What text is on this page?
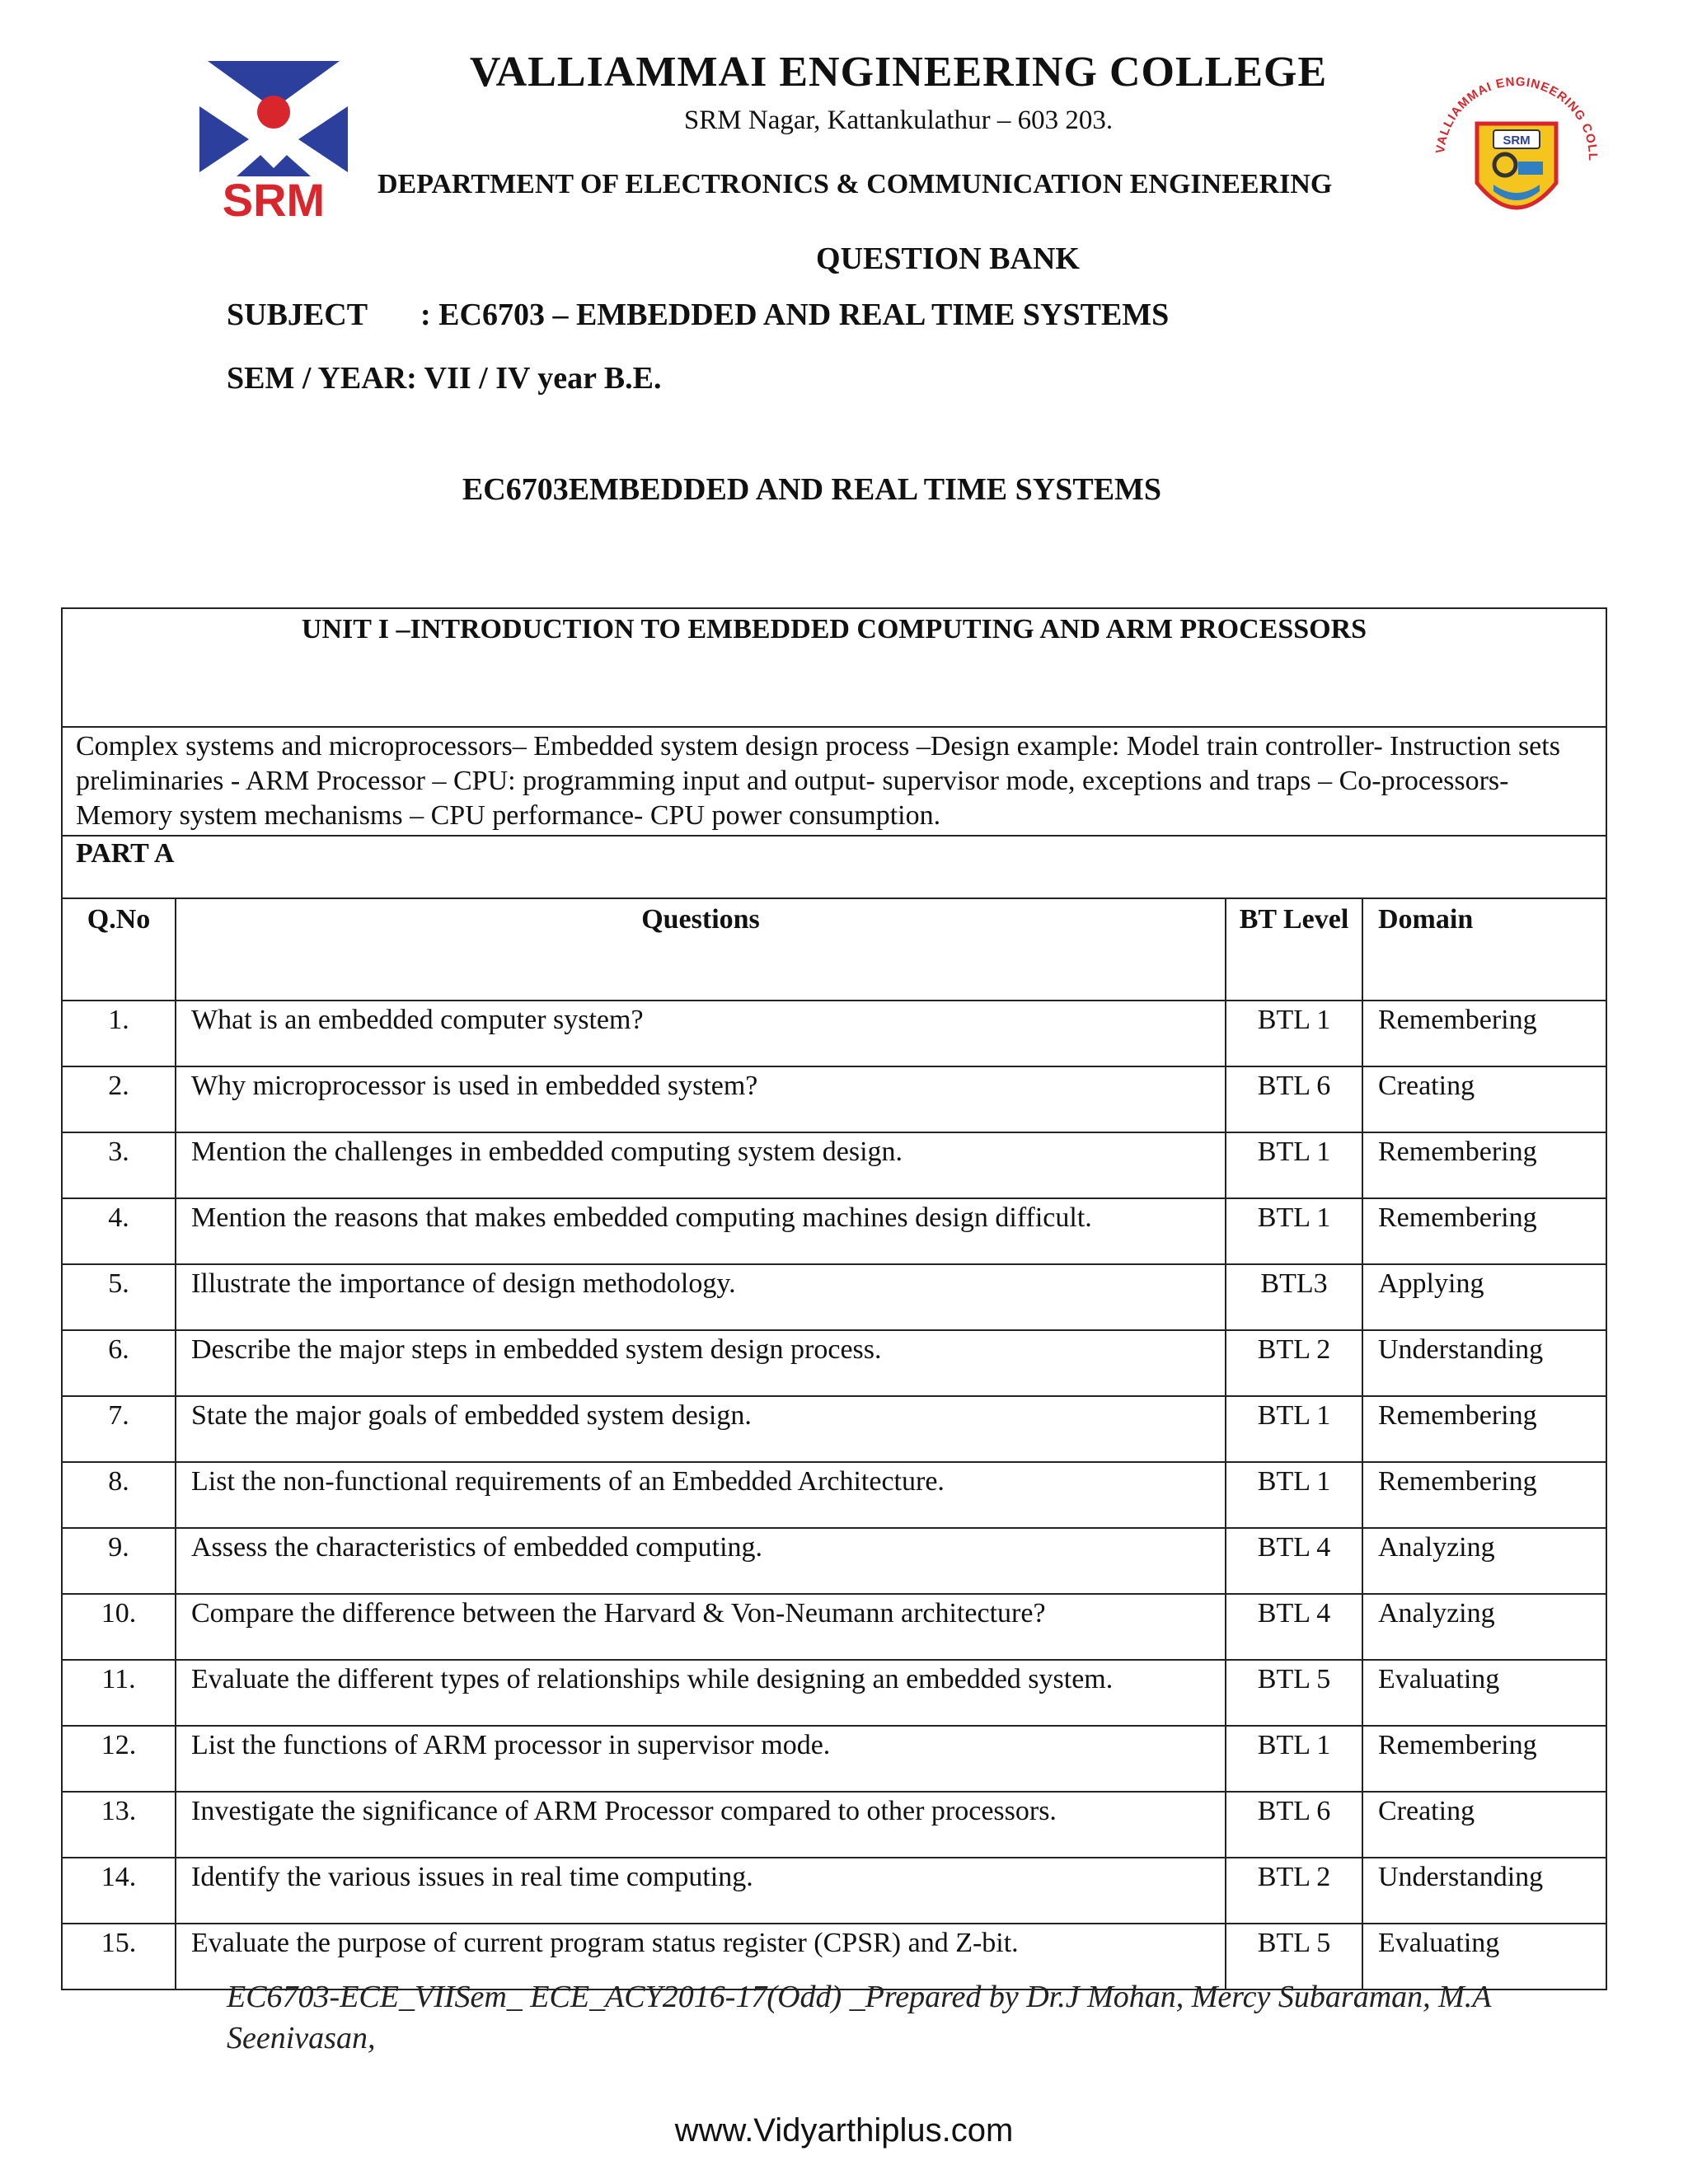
SRM
VALLIAMMAI ENGINEERING COLL
SRM
VALLIAMMAI ENGINEERING COLLEGE
SRM Nagar, Kattankulathur – 603 203.
DEPARTMENT OF ELECTRONICS & COMMUNICATION ENGINEERING
QUESTION BANK
SUBJECT : EC6703 – EMBEDDED AND REAL TIME SYSTEMS
SEM / YEAR: VII / IV year B.E.
EC6703EMBEDDED AND REAL TIME SYSTEMS
UNIT I –INTRODUCTION TO EMBEDDED COMPUTING AND ARM PROCESSORS			
Complex systems and microprocessors– Embedded system design process –Design example: Model train controller- Instruction sets preliminaries - ARM Processor – CPU: programming input and output- supervisor mode, exceptions and traps – Co-processors- Memory system mechanisms – CPU performance- CPU power consumption.			
PART A			
Q.No	Questions	BT Level	Domain
1.	What is an embedded computer system?	BTL 1	Remembering
2.	Why microprocessor is used in embedded system?	BTL 6	Creating
3.	Mention the challenges in embedded computing system design.	BTL 1	Remembering
4.	Mention the reasons that makes embedded computing machines design difficult.	BTL 1	Remembering
5.	Illustrate the importance of design methodology.	BTL3	Applying
6.	Describe the major steps in embedded system design process.	BTL 2	Understanding
7.	State the major goals of embedded system design.	BTL 1	Remembering
8.	List the non-functional requirements of an Embedded Architecture.	BTL 1	Remembering
9.	Assess the characteristics of embedded computing.	BTL 4	Analyzing
10.	Compare the difference between the Harvard & Von-Neumann architecture?	BTL 4	Analyzing
11.	Evaluate the different types of relationships while designing an embedded system.	BTL 5	Evaluating
12.	List the functions of ARM processor in supervisor mode.	BTL 1	Remembering
13.	Investigate the significance of ARM Processor compared to other processors.	BTL 6	Creating
14.	Identify the various issues in real time computing.	BTL 2	Understanding
15.	Evaluate the purpose of current program status register (CPSR) and Z-bit.	BTL 5	Evaluating
EC6703-ECE_VIISem_ ECE_ACY2016-17(Odd) _Prepared by Dr.J Mohan, Mercy Subaraman, M.A Seenivasan,
www.Vidyarthiplus.com
